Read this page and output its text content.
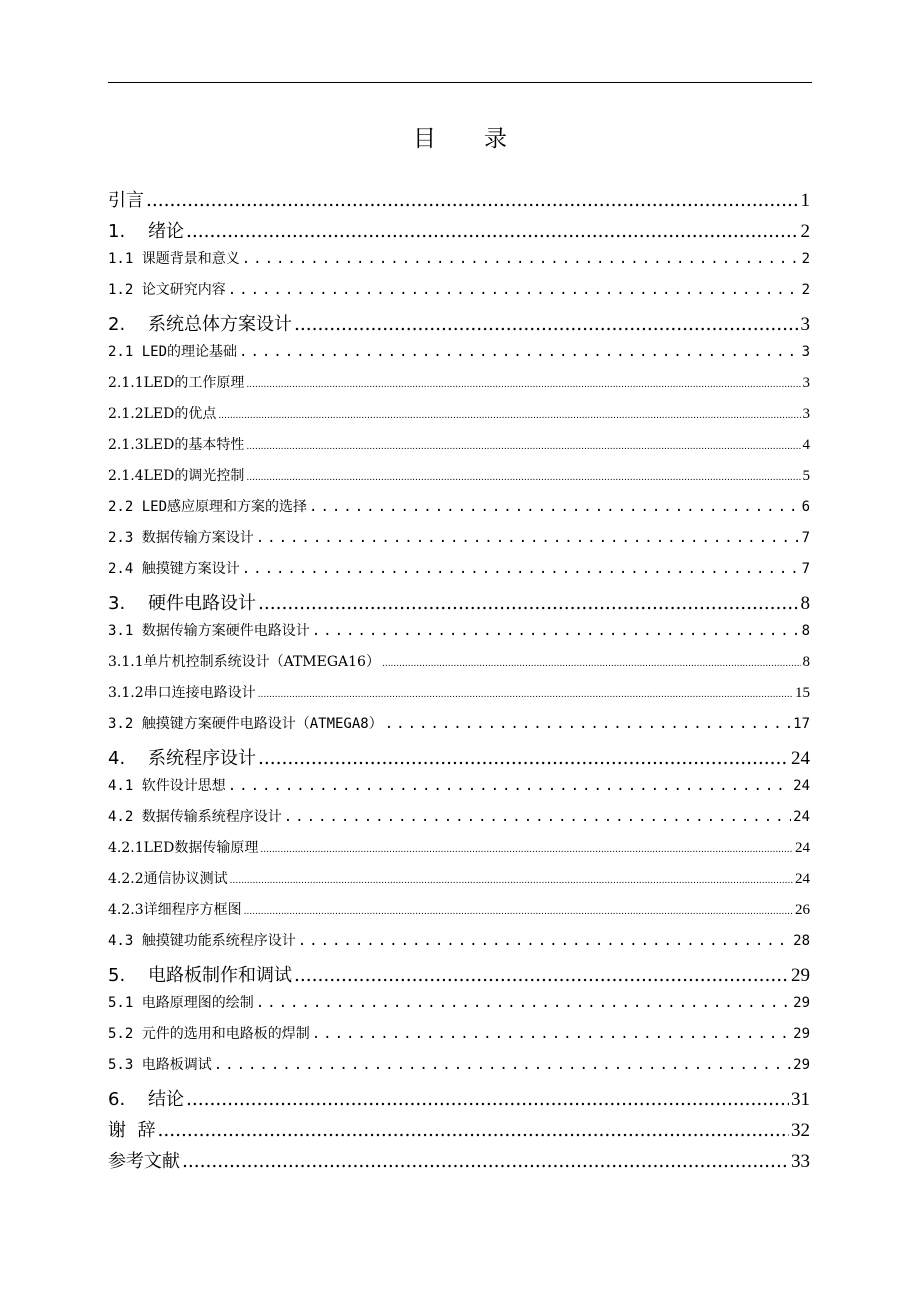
目 录
引言 .....	1
1. 绪论 .....	2
1.1 课题背景和意义 .....	2
1.2 论文研究内容 .....	2
2. 系统总体方案设计 .....	3
2.1 LED的理论基础 .....	3
2.1.1LED的工作原理 .....	3
2.1.2LED的优点 .....	3
2.1.3LED的基本特性 .....	4
2.1.4LED的调光控制 .....	5
2.2 LED感应原理和方案的选择 .....	6
2.3 数据传输方案设计 .....	7
2.4 触摸键方案设计 .....	7
3. 硬件电路设计 .....	8
3.1 数据传输方案硬件电路设计 .....	8
3.1.1单片机控制系统设计（ATMEGA16） .....	8
3.1.2串口连接电路设计 .....	15
3.2 触摸键方案硬件电路设计（ATMEGA8） .....	17
4. 系统程序设计 .....	24
4.1 软件设计思想 .....	24
4.2 数据传输系统程序设计 .....	24
4.2.1LED数据传输原理 .....	24
4.2.2通信协议测试 .....	24
4.2.3详细程序方框图 .....	26
4.3 触摸键功能系统程序设计 .....	28
5. 电路板制作和调试 .....	29
5.1 电路原理图的绘制 .....	29
5.2 元件的选用和电路板的焊制 .....	29
5.3 电路板调试 .....	29
6. 结论 .....	31
谢  辞 .....	32
参考文献 .....	33
